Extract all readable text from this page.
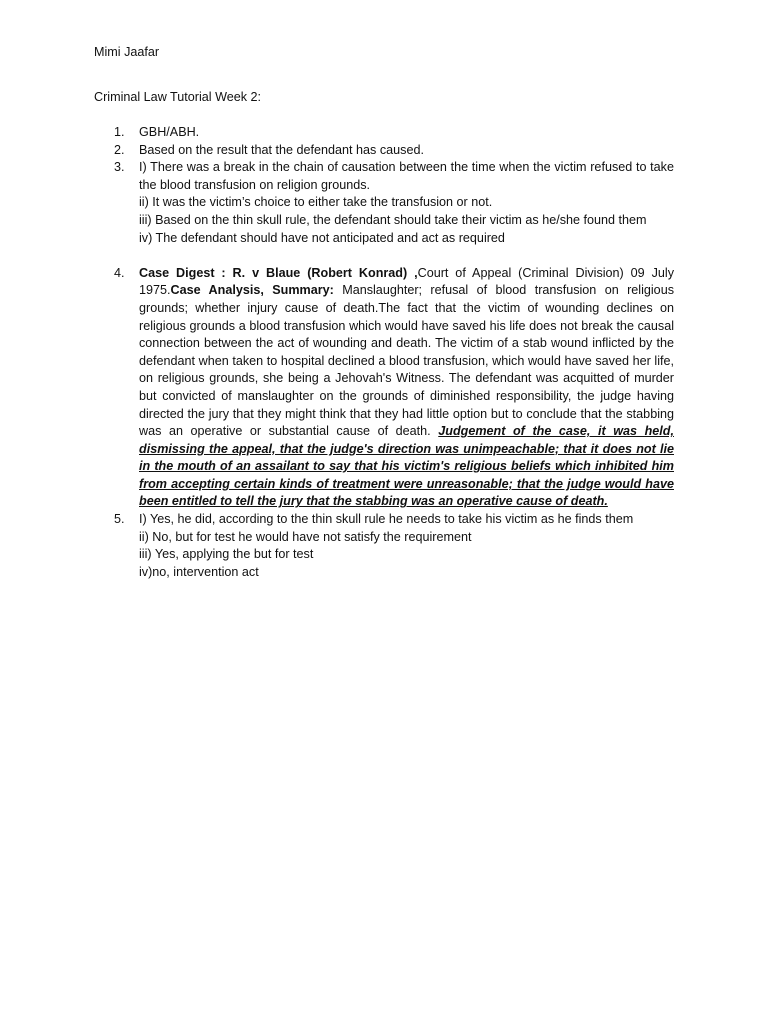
Mimi Jaafar
Criminal Law Tutorial Week 2:
1. GBH/ABH.
2. Based on the result that the defendant has caused.
3. I) There was a break in the chain of causation between the time when the victim refused to take the blood transfusion on religion grounds.
ii) It was the victim’s choice to either take the transfusion or not.
iii) Based on the thin skull rule, the defendant should take their victim as he/she found them
iv) The defendant should have not anticipated and act as required
4. Case Digest : R. v Blaue (Robert Konrad) ,Court of Appeal (Criminal Division) 09 July 1975.Case Analysis, Summary: Manslaughter; refusal of blood transfusion on religious grounds; whether injury cause of death.The fact that the victim of wounding declines on religious grounds a blood transfusion which would have saved his life does not break the causal connection between the act of wounding and death. The victim of a stab wound inflicted by the defendant when taken to hospital declined a blood transfusion, which would have saved her life, on religious grounds, she being a Jehovah's Witness. The defendant was acquitted of murder but convicted of manslaughter on the grounds of diminished responsibility, the judge having directed the jury that they might think that they had little option but to conclude that the stabbing was an operative or substantial cause of death. Judgement of the case, it was held, dismissing the appeal, that the judge's direction was unimpeachable; that it does not lie in the mouth of an assailant to say that his victim's religious beliefs which inhibited him from accepting certain kinds of treatment were unreasonable; that the judge would have been entitled to tell the jury that the stabbing was an operative cause of death.
5. I) Yes, he did, according to the thin skull rule he needs to take his victim as he finds them
ii) No, but for test he would have not satisfy the requirement
iii) Yes, applying the but for test
iv)no, intervention act
